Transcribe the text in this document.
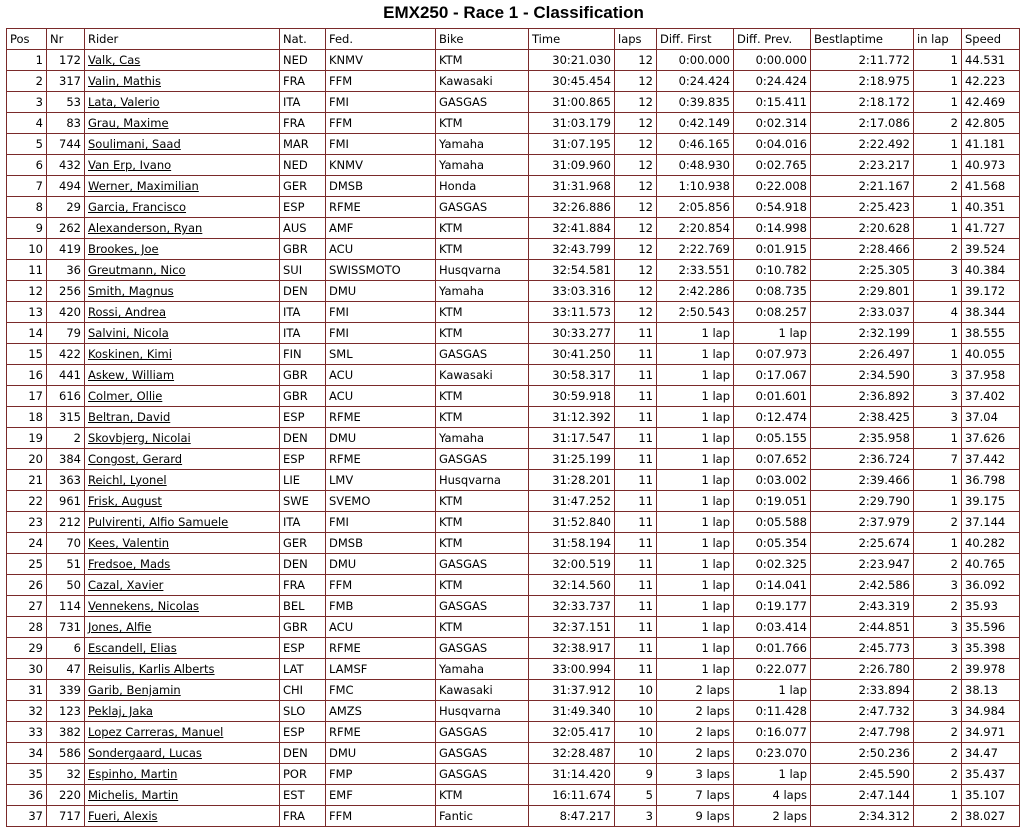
EMX250 - Race 1 - Classification
Pos	Nr	Rider	Nat.	Fed.	Bike	Time	laps	Diff. First	Diff. Prev.	Bestlaptime	in lap	Speed
1	172	Valk, Cas	NED	KNMV	KTM	30:21.030	12	0:00.000	0:00.000	2:11.772	1	44.531
2	317	Valin, Mathis	FRA	FFM	Kawasaki	30:45.454	12	0:24.424	0:24.424	2:18.975	1	42.223
3	53	Lata, Valerio	ITA	FMI	GASGAS	31:00.865	12	0:39.835	0:15.411	2:18.172	1	42.469
4	83	Grau, Maxime	FRA	FFM	KTM	31:03.179	12	0:42.149	0:02.314	2:17.086	2	42.805
5	744	Soulimani, Saad	MAR	FMI	Yamaha	31:07.195	12	0:46.165	0:04.016	2:22.492	1	41.181
6	432	Van Erp, Ivano	NED	KNMV	Yamaha	31:09.960	12	0:48.930	0:02.765	2:23.217	1	40.973
7	494	Werner, Maximilian	GER	DMSB	Honda	31:31.968	12	1:10.938	0:22.008	2:21.167	2	41.568
8	29	Garcia, Francisco	ESP	RFME	GASGAS	32:26.886	12	2:05.856	0:54.918	2:25.423	1	40.351
9	262	Alexanderson, Ryan	AUS	AMF	KTM	32:41.884	12	2:20.854	0:14.998	2:20.628	1	41.727
10	419	Brookes, Joe	GBR	ACU	KTM	32:43.799	12	2:22.769	0:01.915	2:28.466	2	39.524
11	36	Greutmann, Nico	SUI	SWISSMOTO	Husqvarna	32:54.581	12	2:33.551	0:10.782	2:25.305	3	40.384
12	256	Smith, Magnus	DEN	DMU	Yamaha	33:03.316	12	2:42.286	0:08.735	2:29.801	1	39.172
13	420	Rossi, Andrea	ITA	FMI	KTM	33:11.573	12	2:50.543	0:08.257	2:33.037	4	38.344
14	79	Salvini, Nicola	ITA	FMI	KTM	30:33.277	11	1 lap	1 lap	2:32.199	1	38.555
15	422	Koskinen, Kimi	FIN	SML	GASGAS	30:41.250	11	1 lap	0:07.973	2:26.497	1	40.055
16	441	Askew, William	GBR	ACU	Kawasaki	30:58.317	11	1 lap	0:17.067	2:34.590	3	37.958
17	616	Colmer, Ollie	GBR	ACU	KTM	30:59.918	11	1 lap	0:01.601	2:36.892	3	37.402
18	315	Beltran, David	ESP	RFME	KTM	31:12.392	11	1 lap	0:12.474	2:38.425	3	37.04
19	2	Skovbjerg, Nicolai	DEN	DMU	Yamaha	31:17.547	11	1 lap	0:05.155	2:35.958	1	37.626
20	384	Congost, Gerard	ESP	RFME	GASGAS	31:25.199	11	1 lap	0:07.652	2:36.724	7	37.442
21	363	Reichl, Lyonel	LIE	LMV	Husqvarna	31:28.201	11	1 lap	0:03.002	2:39.466	1	36.798
22	961	Frisk, August	SWE	SVEMO	KTM	31:47.252	11	1 lap	0:19.051	2:29.790	1	39.175
23	212	Pulvirenti, Alfio Samuele	ITA	FMI	KTM	31:52.840	11	1 lap	0:05.588	2:37.979	2	37.144
24	70	Kees, Valentin	GER	DMSB	KTM	31:58.194	11	1 lap	0:05.354	2:25.674	1	40.282
25	51	Fredsoe, Mads	DEN	DMU	GASGAS	32:00.519	11	1 lap	0:02.325	2:23.947	2	40.765
26	50	Cazal, Xavier	FRA	FFM	KTM	32:14.560	11	1 lap	0:14.041	2:42.586	3	36.092
27	114	Vennekens, Nicolas	BEL	FMB	GASGAS	32:33.737	11	1 lap	0:19.177	2:43.319	2	35.93
28	731	Jones, Alfie	GBR	ACU	KTM	32:37.151	11	1 lap	0:03.414	2:44.851	3	35.596
29	6	Escandell, Elias	ESP	RFME	GASGAS	32:38.917	11	1 lap	0:01.766	2:45.773	3	35.398
30	47	Reisulis, Karlis Alberts	LAT	LAMSF	Yamaha	33:00.994	11	1 lap	0:22.077	2:26.780	2	39.978
31	339	Garib, Benjamin	CHI	FMC	Kawasaki	31:37.912	10	2 laps	1 lap	2:33.894	2	38.13
32	123	Peklaj, Jaka	SLO	AMZS	Husqvarna	31:49.340	10	2 laps	0:11.428	2:47.732	3	34.984
33	382	Lopez Carreras, Manuel	ESP	RFME	GASGAS	32:05.417	10	2 laps	0:16.077	2:47.798	2	34.971
34	586	Sondergaard, Lucas	DEN	DMU	GASGAS	32:28.487	10	2 laps	0:23.070	2:50.236	2	34.47
35	32	Espinho, Martin	POR	FMP	GASGAS	31:14.420	9	3 laps	1 lap	2:45.590	2	35.437
36	220	Michelis, Martin	EST	EMF	KTM	16:11.674	5	7 laps	4 laps	2:47.144	1	35.107
37	717	Fueri, Alexis	FRA	FFM	Fantic	8:47.217	3	9 laps	2 laps	2:34.312	2	38.027
